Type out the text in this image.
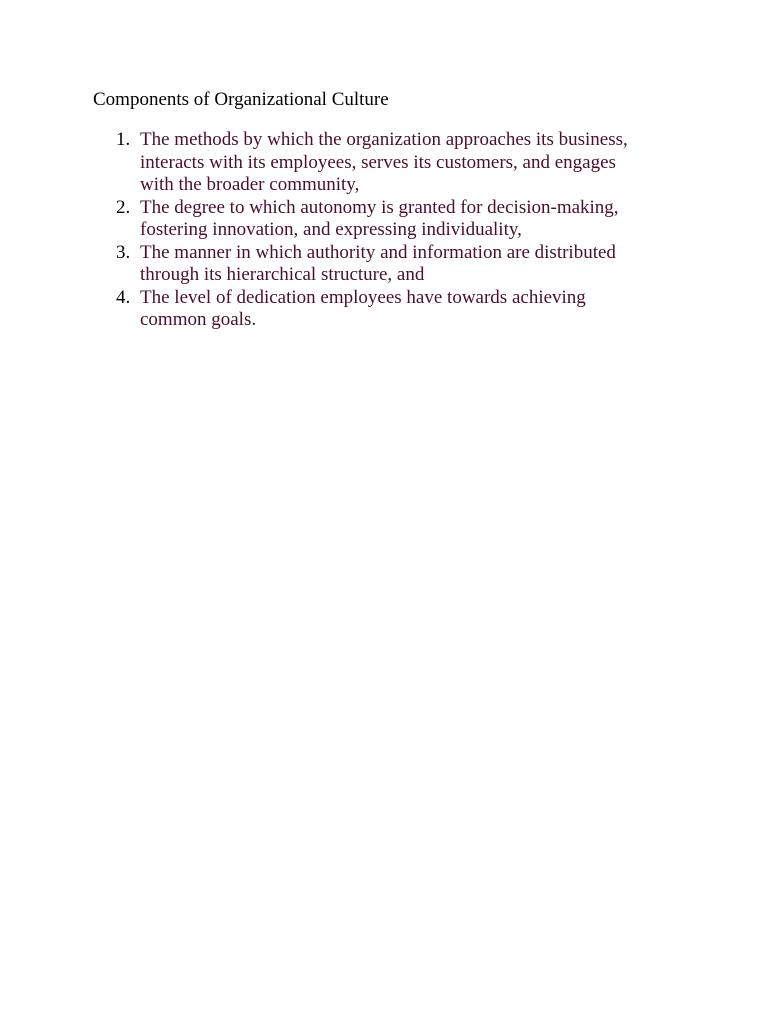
Components of Organizational Culture
1. The methods by which the organization approaches its business,
interacts with its employees, serves its customers, and engages
with the broader community,
2. The degree to which autonomy is granted for decision-making,
fostering innovation, and expressing individuality,
3. The manner in which authority and information are distributed
through its hierarchical structure, and
4. The level of dedication employees have towards achieving
common goals.
